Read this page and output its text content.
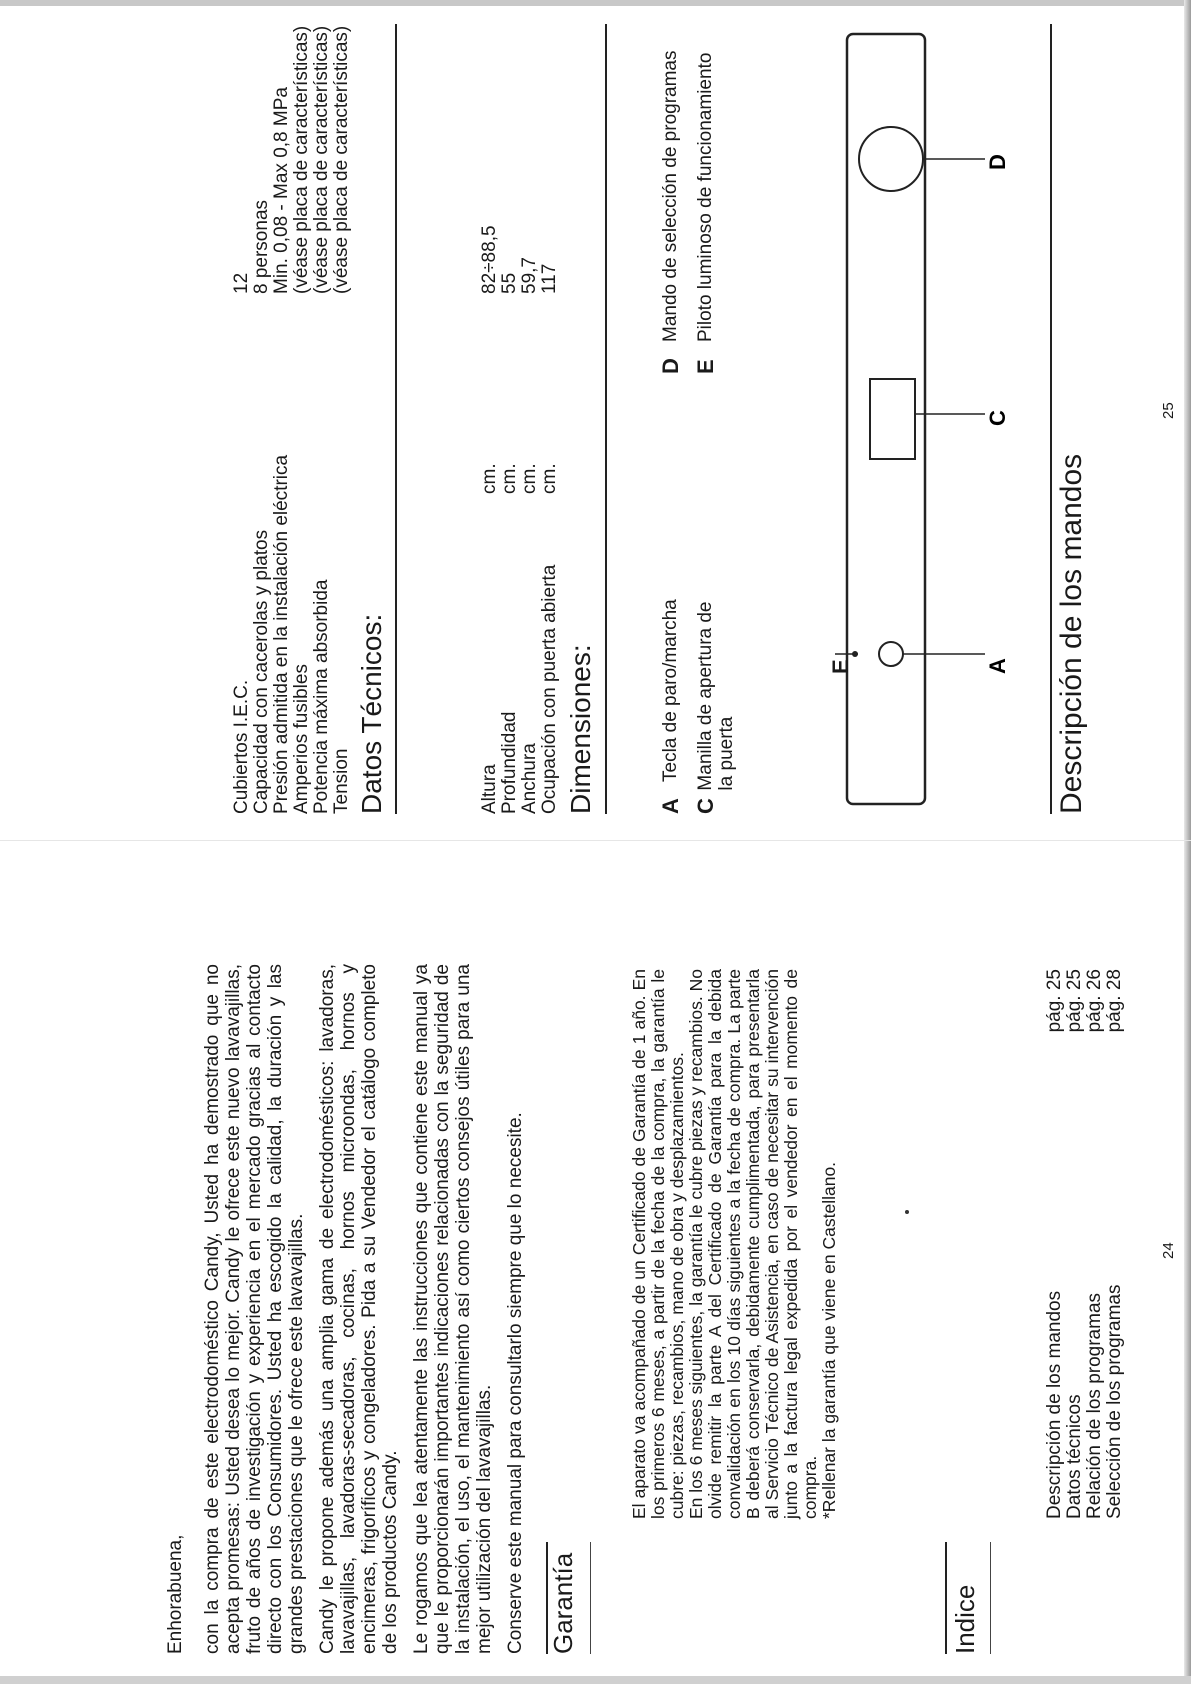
Enhorabuena, con la compra de este electrodoméstico Candy, Usted ha demostrado que no acepta promesas: Usted desea lo mejor. Candy le ofrece este nuevo lavavajillas, fruto de años de investigación y experiencia en el mercado gracias al contacto directo con los Consumidores. Usted ha escogido la calidad, la duración y las grandes prestaciones que le ofrece este lavavajillas. Candy le propone además una amplia gama de electrodomésticos: lavadoras, lavavajillas, lavadoras-secadoras, cocinas, hornos microondas, hornos y encimeras, frigoríficos y congeladores. Pida a su Vendedor el catálogo completo de los productos Candy. Le rogamos que lea atentamente las instrucciones que contiene este manual ya que le proporcionarán importantes indicaciones relacionadas con la seguridad de la instalación, el uso, el mantenimiento así como ciertos consejos útiles para una mejor utilización del lavavajillas. Conserve este manual para consultarlo siempre que lo necesite. Garantía

El aparato va acompañado de un Certificado de Garantía de 1 año. En los primeros 6 meses, a partir de la fecha de la compra, la garantía le cubre: piezas, recambios, mano de obra y desplazamientos. En los 6 meses siguientes, la garantía le cubre piezas y recambios. No olvide remitir la parte A del Certificado de Garantía para la debida convalidación en los 10 días siguientes a la fecha de compra. La parte B deberá conservarla, debidamente cumplimentada, para presentarla al Servicio Técnico de Asistencia, en caso de necesitar su intervención junto a la factura legal expedida por el vendedor en el momento de compra. *Rellenar la garantía que viene en Castellano.

Indice
Descripción de los mandos
pág. 25
Datos técnicos
pág. 25
Relación de los programas
pág. 26
Selección de los programas
pág. 28
24
Descripción de los mandos
A
C
D
E
A
Tecla de paro/marcha
D
Mando de selección de programas
C
Manilla de apertura de la puerta
E
Piloto luminoso de funcionamiento
Dimensiones:
Altura
cm.
82÷88,5
Profundidad
cm.
55
Anchura
cm.
59,7
Ocupación con puerta abierta
cm.
117
Datos Técnicos:
Cubiertos I.E.C.
12
Capacidad con cacerolas y platos
8 personas
Presión admitida en la instalación eléctrica
Min. 0,08 - Max 0,8 MPa
Amperios fusibles
(véase placa de características)
Potencia máxima absorbida
(véase placa de características)
Tension
(véase placa de características)
25
